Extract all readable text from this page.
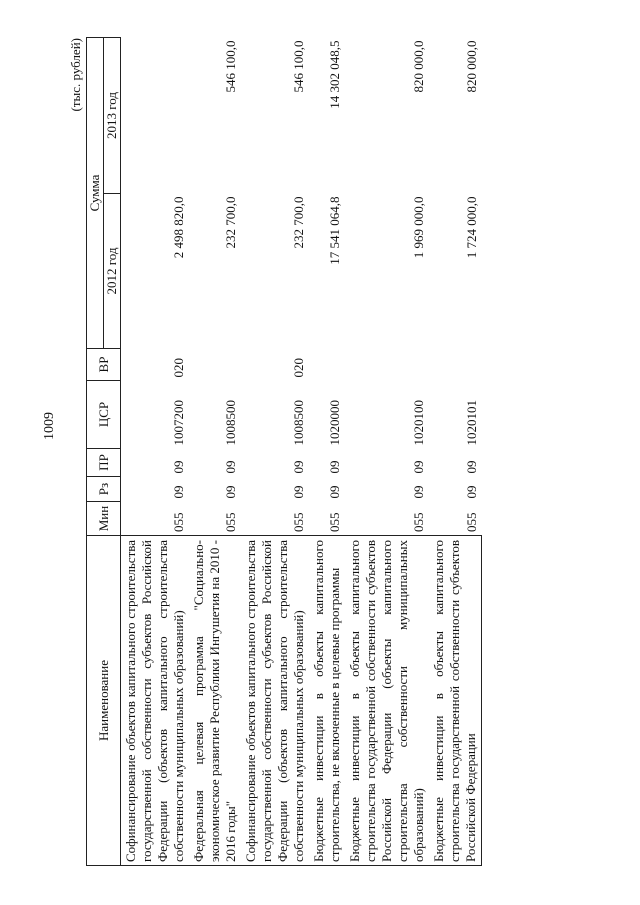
1009
(тыс. рублей)
Наименование	Мин	Рз	ПР	ЦСР	ВР	Сумма	
						2012 год	2013 год
Софинансирование объектов капитального строительства государственной собственности субъектов Российской Федерации (объектов капитального строительства собственности муниципальных образований)	055	09	09	1007200	020	2 498 820,0	
Федеральная целевая программа "Социально-экономическое развитие Республики Ингушетия на 2010 - 2016 годы"	055	09	09	1008500		232 700,0	546 100,0
Софинансирование объектов капитального строительства государственной собственности субъектов Российской Федерации (объектов капитального строительства собственности муниципальных образований)	055	09	09	1008500	020	232 700,0	546 100,0
Бюджетные инвестиции в объекты капитального строительства, не включенные в целевые программы	055	09	09	1020000		17 541 064,8	14 302 048,5
Бюджетные инвестиции в объекты капитального строительства государственной собственности субъектов Российской Федерации (объекты капитального строительства собственности муниципальных образований)	055	09	09	1020100		1 969 000,0	820 000,0
Бюджетные инвестиции в объекты капитального строительства государственной собственности субъектов Российской Федерации	055	09	09	1020101		1 724 000,0	820 000,0
